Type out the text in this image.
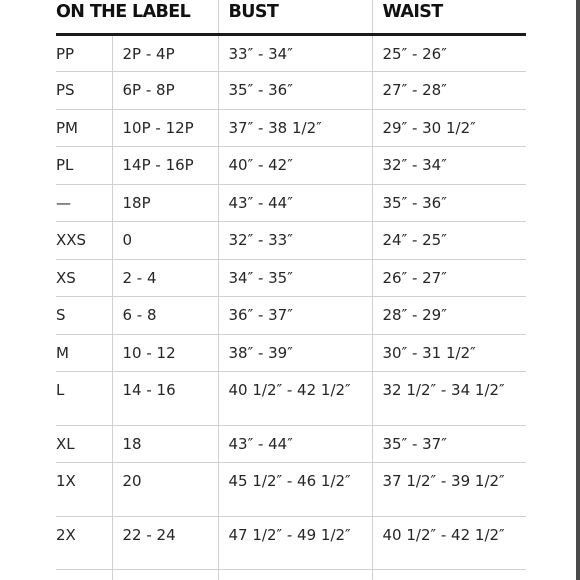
ON THE LABEL		BUST	WAIST
PP	2P - 4P	33″ - 34″	25″ - 26″
PS	6P - 8P	35″ - 36″	27″ - 28″
PM	10P - 12P	37″ - 38 1/2″	29″ - 30 1/2″
PL	14P - 16P	40″ - 42″	32″ - 34″
—	18P	43″ - 44″	35″ - 36″
XXS	0	32″ - 33″	24″ - 25″
XS	2 - 4	34″ - 35″	26″ - 27″
S	6 - 8	36″ - 37″	28″ - 29″
M	10 - 12	38″ - 39″	30″ - 31 1/2″
L	14 - 16	40 1/2″ - 42 1/2″	32 1/2″ - 34 1/2″
XL	18	43″ - 44″	35″ - 37″
1X	20	45 1/2″ - 46 1/2″	37 1/2″ - 39 1/2″
2X	22 - 24	47 1/2″ - 49 1/2″	40 1/2″ - 42 1/2″
